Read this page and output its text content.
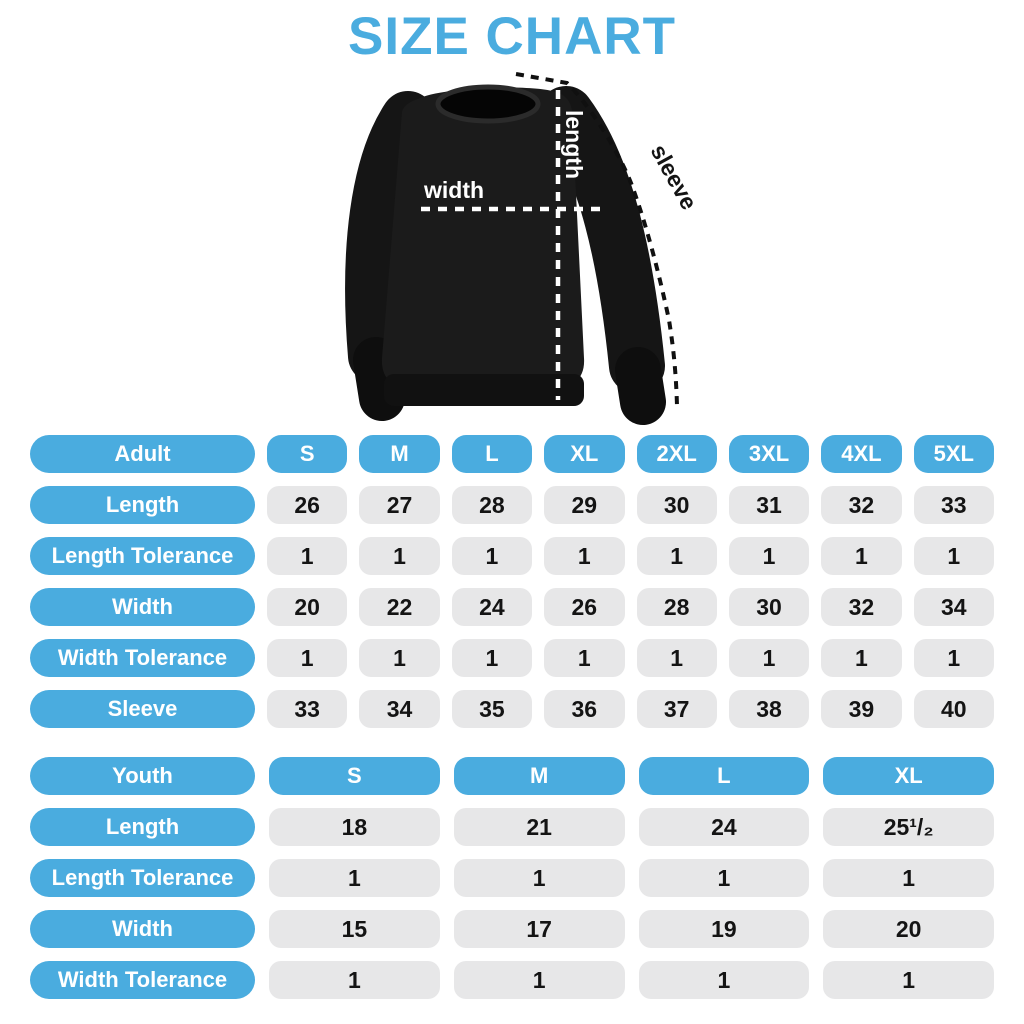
SIZE CHART
width
length	sleeve
Adult	S	M	L	XL	2XL	3XL	4XL	5XL
Length	26	27	28	29	30	31	32	33
Length Tolerance	1	1	1	1	1	1	1	1
Width	20	22	24	26	28	30	32	34
Width Tolerance	1	1	1	1	1	1	1	1
Sleeve	33	34	35	36	37	38	39	40
Youth	S	M	L	XL
Length	18	21	24	25¹/₂
Length Tolerance	1	1	1	1
Width	15	17	19	20
Width Tolerance	1	1	1	1
